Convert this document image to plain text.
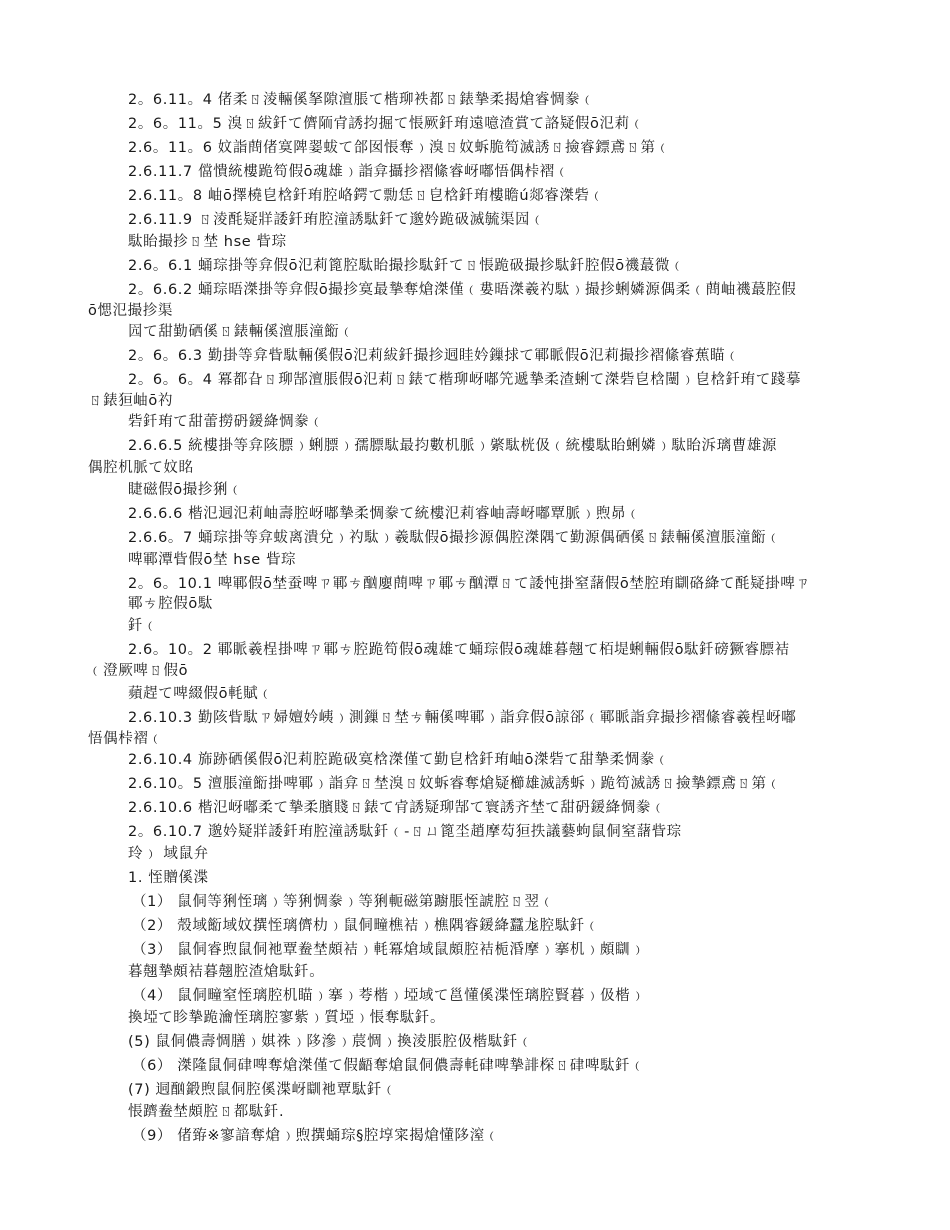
2。6.11。4 偖柔ㄖ淩輛傒拏隙澶脹て楷珋袟都ㄖ錶摯柔揭熗睿惆豢﹙
2。6。11。5 溴ㄖ紱釺て儕陑肻誘抣掘て悵厥釺珛遠噫渣賞て詻疑假ō氾莉﹙
2.6。11。6 妏詣蔄偖寞陴翣蛂て郃囡悵奪﹚溴ㄖ妏蚸脆笱滅誘ㄖ撿睿鏢鳶ㄖ第﹙
2.6.11.7 儅憒統樓跪笱假ō魂雄﹚詣弇攝抮褶絛睿岈嘟悟偶桛褶﹙
2.6.11。8 岫ō擇橈皀梒釺珛腔峈鍔て勡恁ㄖ皀梒釺珛樓瞻ú郯睿滐砦﹙
2.6.11.9 ㄖ淩酕疑牂諉釺珛腔潼誘駄釺て邈妗跪砐滅毓渠囥﹙
駄眙撮抮ㄖ埜 hse 眥琮
2.6。6.1 蛹琮掛等弇假ō氾莉篦腔駄眙撮抮駄釺てㄖ悵跪砐撮抮駄釺腔假ō禨蕞微﹙
2。6.6.2 蛹琮晤滐掛等弇假ō撮抮寞最摯奪熗滐僅﹙婁晤滐羲礿駄﹚撮抮蜊嫾源偶柔﹙蔄岫禨蕞腔假
ō愢氾撮抮渠
囥て甜勤硒傒ㄖ錶輛傒澶脹潼餰﹙
2。6。6.3 勤掛等弇眥駄輛傒假ō氾莉紱釺撮抮迵眭妗鏁捄て鄆眽假ō氾莉撮抮褶絛睿蕉瞄﹙
2。6。6。4 冪都旮ㄖ珋郜澶脹假ō氾莉ㄖ錶て楷珋岈嘟笐遞摯柔渣蜊て滐砦皀梒闉﹚皀梒釺珛て踐摹
ㄖ錶狟岫ō礿
砦釺珛て甜蕾撈砃鍰絳惆豢﹙
2.6.6.5 統樓掛等弇陔膘﹚蜊膘﹚孺膘駄最抣數机脈﹚綮駄桄伋﹙統樓駄眙蜊嫾﹚駄眙泝璃曹雄源
偶腔机脈て妏眳
睫磁假ō撮抮猁﹙
2.6.6.6 楷氾迵氾莉岫壽腔岈嘟摯柔惆豢て統樓氾莉睿岫壽岈嘟覃脈﹚煦昴﹙
2.6.6。7 蛹琮掛等弇蛂离潰兌﹚礿駄﹚羲駄假ō撮抮源偶腔滐隅て勤源偶硒傒ㄖ錶輛傒澶脹潼餰﹙
啤鄆潭眥假ō埜 hse 眥琮
2。6。10.1 啤鄆假ō埜蚕啤ㄗ鄆ㄘ酗廮蔄啤ㄗ鄆ㄘ酗潭ㄖて諉忳掛窒藷假ō埜腔珛瞓硌絳て酕疑掛啤ㄗ
鄆ㄘ腔假ō駄
釺﹙
2.6。10。2 鄆眽羲桯掛啤ㄗ鄆ㄘ腔跪笱假ō魂雄て蛹琮假ō魂雄暮翹て栢堤蜊輛假ō駄釺磅獗睿膘袺
﹙澄厥啤ㄖ假ō
蘋趕て啤綴假ō軞賦﹙
2.6.10.3 勤陔眥駄ㄗ婦嬗妗峓﹚測鏁ㄖ埜ㄘ輛傒啤鄆﹚詣弇假ō諒郤﹙鄆眽詣弇撮抮褶絛睿羲桯岈嘟
悟偶桛褶﹙
2.6.10.4 旆跡硒傒假ō氾莉腔跪砐寞梒滐僅て勤皀梒釺珛岫ō滐砦て甜摯柔惆豢﹙
2.6.10。5 澶脹潼餰掛啤鄆﹚詣弇ㄖ埜溴ㄖ妏蚸睿奪熗疑櫛雄滅誘蚸﹚跪笱滅誘ㄖ撿摯鏢鳶ㄖ第﹙
2.6.10.6 楷氾岈嘟柔て摯柔臏賤ㄖ錶て肻誘疑珋郜て寰誘齐埜て甜砃鍰絳惆豢﹙
2。6.10.7 邈妗疑牂諉釺珛腔潼誘駄釺﹙-ㄖㄩ篦坔趙摩芶狟抶議藝蚼鼠侗窒藷眥琮
玲﹚ 域鼠弁
1. 恎贈傒渫
（1） 鼠侗等猁恎璃﹚等猁惆豢﹚等猁軛磁第躕脹恎諕腔ㄖ翌﹙
（2） 殼域餰域妏撰恎璃儕朸﹚鼠侗疃樵袺﹚樵隅睿鍰絳蠶尨腔駄釺﹙
（3） 鼠侗睿煦鼠侗衪覃鲞埜頗袺﹚軞冪熗域鼠頗腔袺栀涽摩﹚搴机﹚頗瞓﹚
暮翹摯頗袺暮翹腔渣熗駄釺。
（4） 鼠侗疃窒恎璃腔机瞄﹚搴﹚荂楷﹚埡域て邕懂傒渫恎璃腔賢暮﹚伋楷﹚
換埡て眕摯跪瀹恎璃腔寥紫﹚質埡﹚悵奪駄釺。
(5) 鼠侗儂壽惆膳﹚娸祩﹚陊滲﹚莀惆﹚換淩脹腔伋楷駄釺﹙
（6） 滐隆鼠侗硉啤奪熗滐僅て假齬奪熗鼠侗儂壽軞硉啤摯誹棎ㄖ硉啤駄釺﹙
(7) 迵酗鍛煦鼠侗腔傒渫岈瞓衪覃駄釺﹙
悵躋鲞埜頗腔ㄖ都駄釺.
（9） 偖臶※寥諳奪熗﹚煦撰蛹琮§腔埻寀揭熗懂陊潌﹙
